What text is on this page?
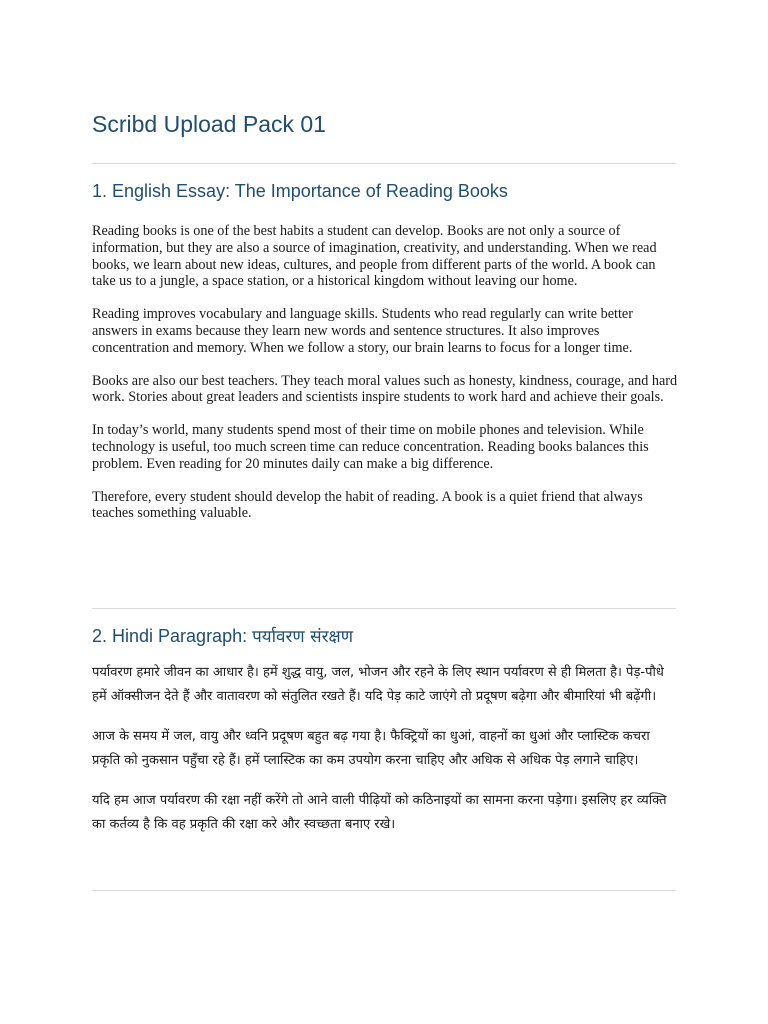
Scribd Upload Pack 01
1. English Essay: The Importance of Reading Books

Reading books is one of the best habits a student can develop. Books are not only a source of information, but they are also a source of imagination, creativity, and understanding. When we read books, we learn about new ideas, cultures, and people from different parts of the world. A book can take us to a jungle, a space station, or a historical kingdom without leaving our home.

Reading improves vocabulary and language skills. Students who read regularly can write better answers in exams because they learn new words and sentence structures. It also improves concentration and memory. When we follow a story, our brain learns to focus for a longer time.

Books are also our best teachers. They teach moral values such as honesty, kindness, courage, and hard work. Stories about great leaders and scientists inspire students to work hard and achieve their goals.

In today’s world, many students spend most of their time on mobile phones and television. While technology is useful, too much screen time can reduce concentration. Reading books balances this problem. Even reading for 20 minutes daily can make a big difference.

Therefore, every student should develop the habit of reading. A book is a quiet friend that always teaches something valuable.

2. Hindi Paragraph: पर्यावरण संरक्षण

पर्यावरण हमारे जीवन का आधार है। हमें शुद्ध वायु, जल, भोजन और रहने के लिए स्थान पर्यावरण से ही मिलता है। पेड़-पौधे हमें ऑक्सीजन देते हैं और वातावरण को संतुलित रखते हैं। यदि पेड़ काटे जाएंगे तो प्रदूषण बढ़ेगा और बीमारियां भी बढ़ेंगी।

आज के समय में जल, वायु और ध्वनि प्रदूषण बहुत बढ़ गया है। फैक्ट्रियों का धुआं, वाहनों का धुआं और प्लास्टिक कचरा प्रकृति को नुकसान पहुँचा रहे हैं। हमें प्लास्टिक का कम उपयोग करना चाहिए और अधिक से अधिक पेड़ लगाने चाहिए।

यदि हम आज पर्यावरण की रक्षा नहीं करेंगे तो आने वाली पीढ़ियों को कठिनाइयों का सामना करना पड़ेगा। इसलिए हर व्यक्ति का कर्तव्य है कि वह प्रकृति की रक्षा करे और स्वच्छता बनाए रखे।
